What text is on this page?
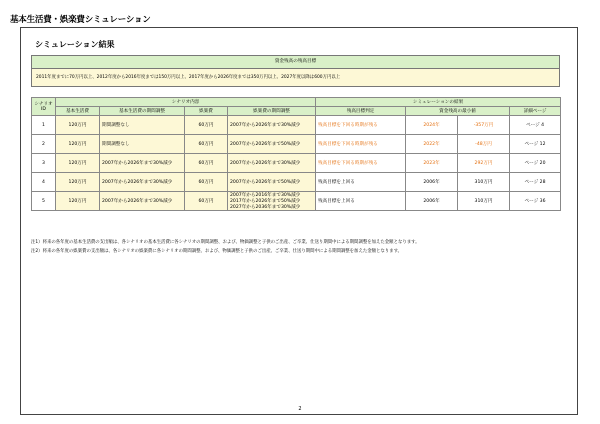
基本生活費・娯楽費シミュレーション
シミュレーション結果
資金残高の残高目標
2011年度までに70万円以上、2012年度から2016年度までは150万円以上、2017年度から2026年度までは350万円以上、2027年度以降は600万円以上
シナリオ ID	シナリオ内容				シミュレーションの結果			
	基本生活費	基本生活費の期間調整	娯楽費	娯楽費の期間調整	残高目標判定	資金残高の最小値		詳細ページ
1	120万円	期間調整なし	60万円	2007年から2026年まで30%減少	残高目標を下回る時期が残る	2024年	-357万円	ページ 4
2	120万円	期間調整なし	60万円	2007年から2026年まで50%減少	残高目標を下回る時期が残る	2022年	-48万円	ページ 12
3	120万円	2007年から2026年まで30%減少	60万円	2007年から2026年まで30%減少	残高目標を下回る時期が残る	2023年	292万円	ページ 20
4	120万円	2007年から2026年まで30%減少	60万円	2007年から2026年まで50%減少	残高目標を上回る	2006年	310万円	ページ 28
5	120万円	2007年から2026年まで30%減少	60万円	2007年から2016年まで30%減少
2017年から2026年まで50%減少
2027年から2036年まで30%減少	残高目標を上回る	2006年	310万円	ページ 36
注1）将来の各年度の基本生活費の支出額は、各シナリオの基本生活費に各シナリオの期間調整、および、物価調整と子供のご出産、ご卒業、仕送り期間中による期間調整を加えた金額となります。
注2）将来の各年度の娯楽費の支出額は、各シナリオの娯楽費に各シナリオの期間調整、および、物価調整と子供のご出産、ご卒業、仕送り期間中による期間調整を加えた金額となります。
2
